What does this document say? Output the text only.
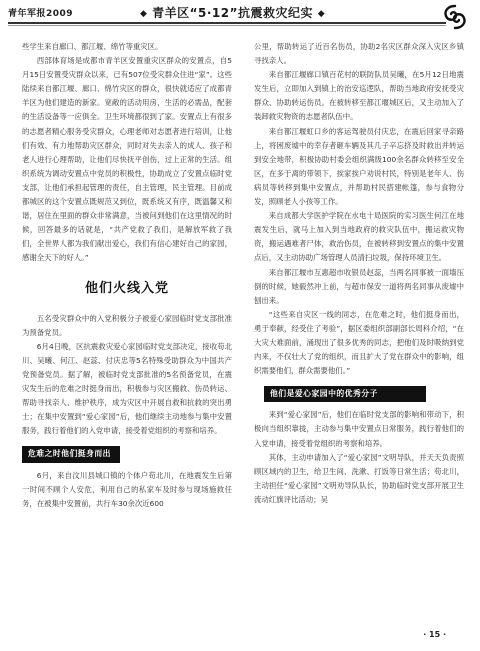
青年军报2009	◆ 青羊区“5·12”抗震救灾纪实 ◆

些学生来自廊口、都江堰、绵竹等重灾区。

西部体育场是成都市青羊区安置重灾区群众的安置点，自5月15日安置受灾群众以来，已有507位受灾群众住进“家”。这些陆续来自都江堰、廊口、绵竹灾区的群众，很快就适应了成都青羊区为他们建造的新家。宽敞的活动用房，生活的必需品，配套的生活设备等一应俱全。卫生环境都很到了家。安置点上有很多的志愿者精心服务受灾群众，心理老师对志愿者进行培训，让他们有效、有力地帮助灾区群众，同时对失去亲人的成人、孩子和老人进行心理帮助，让他们尽快抚平创伤，过上正常的生活。组织系统为调动安置点中党员的积极性，协助成立了安置点临时党支部，让他们承担起管理的责任，自主管理，民主管理。目前成都城区的这个安置点既规范又到位，既系统又有序，既温馨又和谐，居住在里面的群众非常满意，当被问到他们在这里情况的时候，回答最多的话就是，“共产党救了我们，是解放军救了我们，全世界人都为我们献出爱心，我们有信心建好自己的家园，感谢全天下的好人。”

他们火线入党

五名受灾群众中的入党积极分子被爱心家园临时党支部批准为预备党员。

6月4日晚，区抗震救灾爱心家园临时党支部决定，接收苟北川、吴曦、何江、赵蕊、付庆忠等5名特殊受助群众为中国共产党预备党员。据了解，被临时党支部批准的5名预备党员，在震灾发生后的危难之时挺身而出，积极参与灾区搬救、伤员转运、帮助寻找亲人、维护秩序，成为灾区中开展自救和抗救的突出勇士；在集中安置到“爱心家园”后，他们继续主动地参与集中安置服务，践行着他们的入党申请，接受着党组织的考察和培养。

危难之时他们挺身而出

6月，来自汶川县城口镇的个体户苟北川，在地震发生后第一时间不顾个人安危，利用自己的私家车及时参与现场施救任务，在被集中安置前，共行车30余次近600

公里，帮助转运了近百名伤员，协助2名灾区群众深入灾区乡镇寻找亲人。

来自都江堰廊口镇百花村的联防队员吴曦，在5月12日地震发生后，立即加入到镇上的治安巡逻队，帮助当地政府安抚受灾群众、协助转运伤员。在被转移至都江堰城区后，又主动加入了装卸救灾物资的志愿者队伍中。

来自都江堰虹口乡的客运驾驶员付庆忠，在震后回家寻亲路上，将困废墟中的幸存者砸车辆及其几子辛忘挤及时救出并转运到安全地带，积极协助村委会组织满级100余名群众转移至安全区，在多于离的带领下，挨家挨户劝说村民，特别是老年人、伤病员等转移到集中安置点，并帮助村民搭建帐篷，参与食物分发，照顾老人小孩等工作。

来自成都大学医护学院在水电十局医院的实习医生何江在地震发生后，就马上加入到当地政府的救灾队伍中，搬运救灾物资，搬运遇难者尸体，救治伤员，在被转移到安置点的集中安置点后，又主动协助广场管理人员清扫垃圾，保持环境卫生。

来自都江堰市互惠超市收银员赵蕊，当两名同事被一面墙压倒的时候，她毅然冲上前，与超市保安一道将两名同事从废墟中刨出来。

“这些来自灾区一线的同志，在危难之时，他们挺身而出，勇于奉献，经受住了考验”，据区委组织部副部长周科介绍，“在大灾大难面前，涌现出了很多优秀的同志，把他们及时吸纳到党内来，不仅壮大了党的组织，而且扩大了党在群众中的影响，组织需要他们，群众需要他们。”

他们是爱心家园中的优秀分子

来到“爱心家园”后，他们在临时党支部的影响和带动下，积极向当组织靠拢，主动参与集中安置点日常服务，践行着他们的入党申请，接受着党组织的考察和培养。

其体，主动申请加入了“爱心家园”文明导队，并天天负责照顾区域内的卫生，给卫生间、洗漱、打饭等日常生活；苟北川，主动担任“爱心家园”文明劝导队队长，协助临时党支部开展卫生流动红旗评比活动；吴

· 15 ·
